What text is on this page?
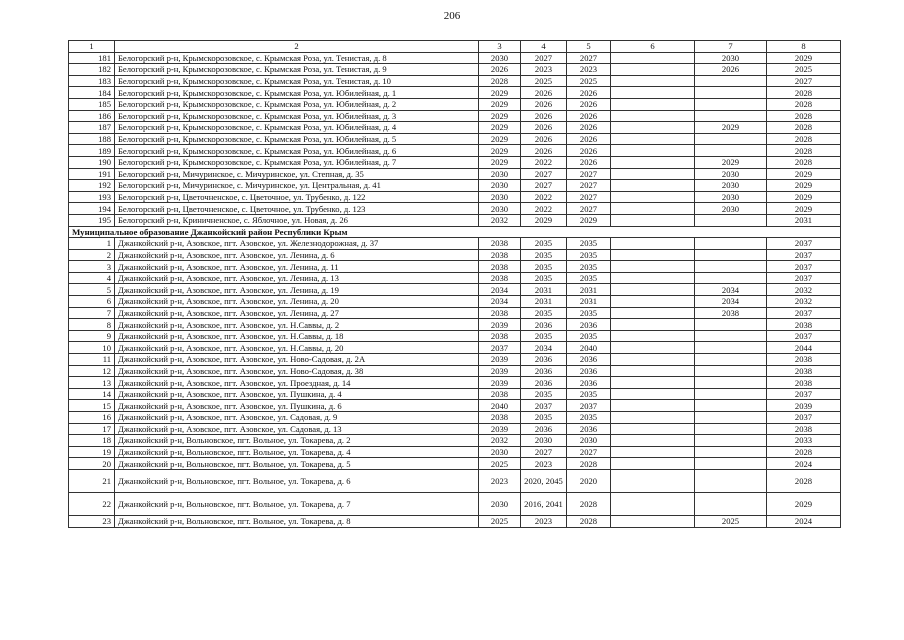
206
1	2	3	4	5	6	7	8
181	Белогорский р-н, Крымскорозовское, с. Крымская Роза, ул. Тенистая, д. 8	2030	2027	2027		2030	2029
182	Белогорский р-н, Крымскорозовское, с. Крымская Роза, ул. Тенистая, д. 9	2026	2023	2023		2026	2025
183	Белогорский р-н, Крымскорозовское, с. Крымская Роза, ул. Тенистая, д. 10	2028	2025	2025			2027
184	Белогорский р-н, Крымскорозовское, с. Крымская Роза, ул. Юбилейная, д. 1	2029	2026	2026			2028
185	Белогорский р-н, Крымскорозовское, с. Крымская Роза, ул. Юбилейная, д. 2	2029	2026	2026			2028
186	Белогорский р-н, Крымскорозовское, с. Крымская Роза, ул. Юбилейная, д. 3	2029	2026	2026			2028
187	Белогорский р-н, Крымскорозовское, с. Крымская Роза, ул. Юбилейная, д. 4	2029	2026	2026		2029	2028
188	Белогорский р-н, Крымскорозовское, с. Крымская Роза, ул. Юбилейная, д. 5	2029	2026	2026			2028
189	Белогорский р-н, Крымскорозовское, с. Крымская Роза, ул. Юбилейная, д. 6	2029	2026	2026			2028
190	Белогорский р-н, Крымскорозовское, с. Крымская Роза, ул. Юбилейная, д. 7	2029	2022	2026		2029	2028
191	Белогорский р-н, Мичуринское, с. Мичуринское, ул. Степная, д. 35	2030	2027	2027		2030	2029
192	Белогорский р-н, Мичуринское, с. Мичуринское, ул. Центральная, д. 41	2030	2027	2027		2030	2029
193	Белогорский р-н, Цветочненское, с. Цветочное, ул. Трубенко, д. 122	2030	2022	2027		2030	2029
194	Белогорский р-н, Цветочненское, с. Цветочное, ул. Трубенко, д. 123	2030	2022	2027		2030	2029
195	Белогорский р-н, Криничненское, с. Яблочное, ул. Новая, д. 26	2032	2029	2029			2031
Муниципальное образование Джанкойский район Республики Крым							
1	Джанкойский р-н, Азовское, пгт. Азовское, ул. Железнодорожная, д. 37	2038	2035	2035			2037
2	Джанкойский р-н, Азовское, пгт. Азовское, ул. Ленина, д. 6	2038	2035	2035			2037
3	Джанкойский р-н, Азовское, пгт. Азовское, ул. Ленина, д. 11	2038	2035	2035			2037
4	Джанкойский р-н, Азовское, пгт. Азовское, ул. Ленина, д. 13	2038	2035	2035			2037
5	Джанкойский р-н, Азовское, пгт. Азовское, ул. Ленина, д. 19	2034	2031	2031		2034	2032
6	Джанкойский р-н, Азовское, пгт. Азовское, ул. Ленина, д. 20	2034	2031	2031		2034	2032
7	Джанкойский р-н, Азовское, пгт. Азовское, ул. Ленина, д. 27	2038	2035	2035		2038	2037
8	Джанкойский р-н, Азовское, пгт. Азовское, ул. Н.Саввы, д. 2	2039	2036	2036			2038
9	Джанкойский р-н, Азовское, пгт. Азовское, ул. Н.Саввы, д. 18	2038	2035	2035			2037
10	Джанкойский р-н, Азовское, пгт. Азовское, ул. Н.Саввы, д. 20	2037	2034	2040			2044
11	Джанкойский р-н, Азовское, пгт. Азовское, ул. Ново-Садовая, д. 2А	2039	2036	2036			2038
12	Джанкойский р-н, Азовское, пгт. Азовское, ул. Ново-Садовая, д. 38	2039	2036	2036			2038
13	Джанкойский р-н, Азовское, пгт. Азовское, ул. Проездная, д. 14	2039	2036	2036			2038
14	Джанкойский р-н, Азовское, пгт. Азовское, ул. Пушкина, д. 4	2038	2035	2035			2037
15	Джанкойский р-н, Азовское, пгт. Азовское, ул. Пушкина, д. 6	2040	2037	2037			2039
16	Джанкойский р-н, Азовское, пгт. Азовское, ул. Садовая, д. 9	2038	2035	2035			2037
17	Джанкойский р-н, Азовское, пгт. Азовское, ул. Садовая, д. 13	2039	2036	2036			2038
18	Джанкойский р-н, Вольновское, пгт. Вольное, ул. Токарева, д. 2	2032	2030	2030			2033
19	Джанкойский р-н, Вольновское, пгт. Вольное, ул. Токарева, д. 4	2030	2027	2027			2028
20	Джанкойский р-н, Вольновское, пгт. Вольное, ул. Токарева, д. 5	2025	2023	2028			2024
21	Джанкойский р-н, Вольновское, пгт. Вольное, ул. Токарева, д. 6	2023	2020, 2045	2020			2028
22	Джанкойский р-н, Вольновское, пгт. Вольное, ул. Токарева, д. 7	2030	2016, 2041	2028			2029
23	Джанкойский р-н, Вольновское, пгт. Вольное, ул. Токарева, д. 8	2025	2023	2028		2025	2024
